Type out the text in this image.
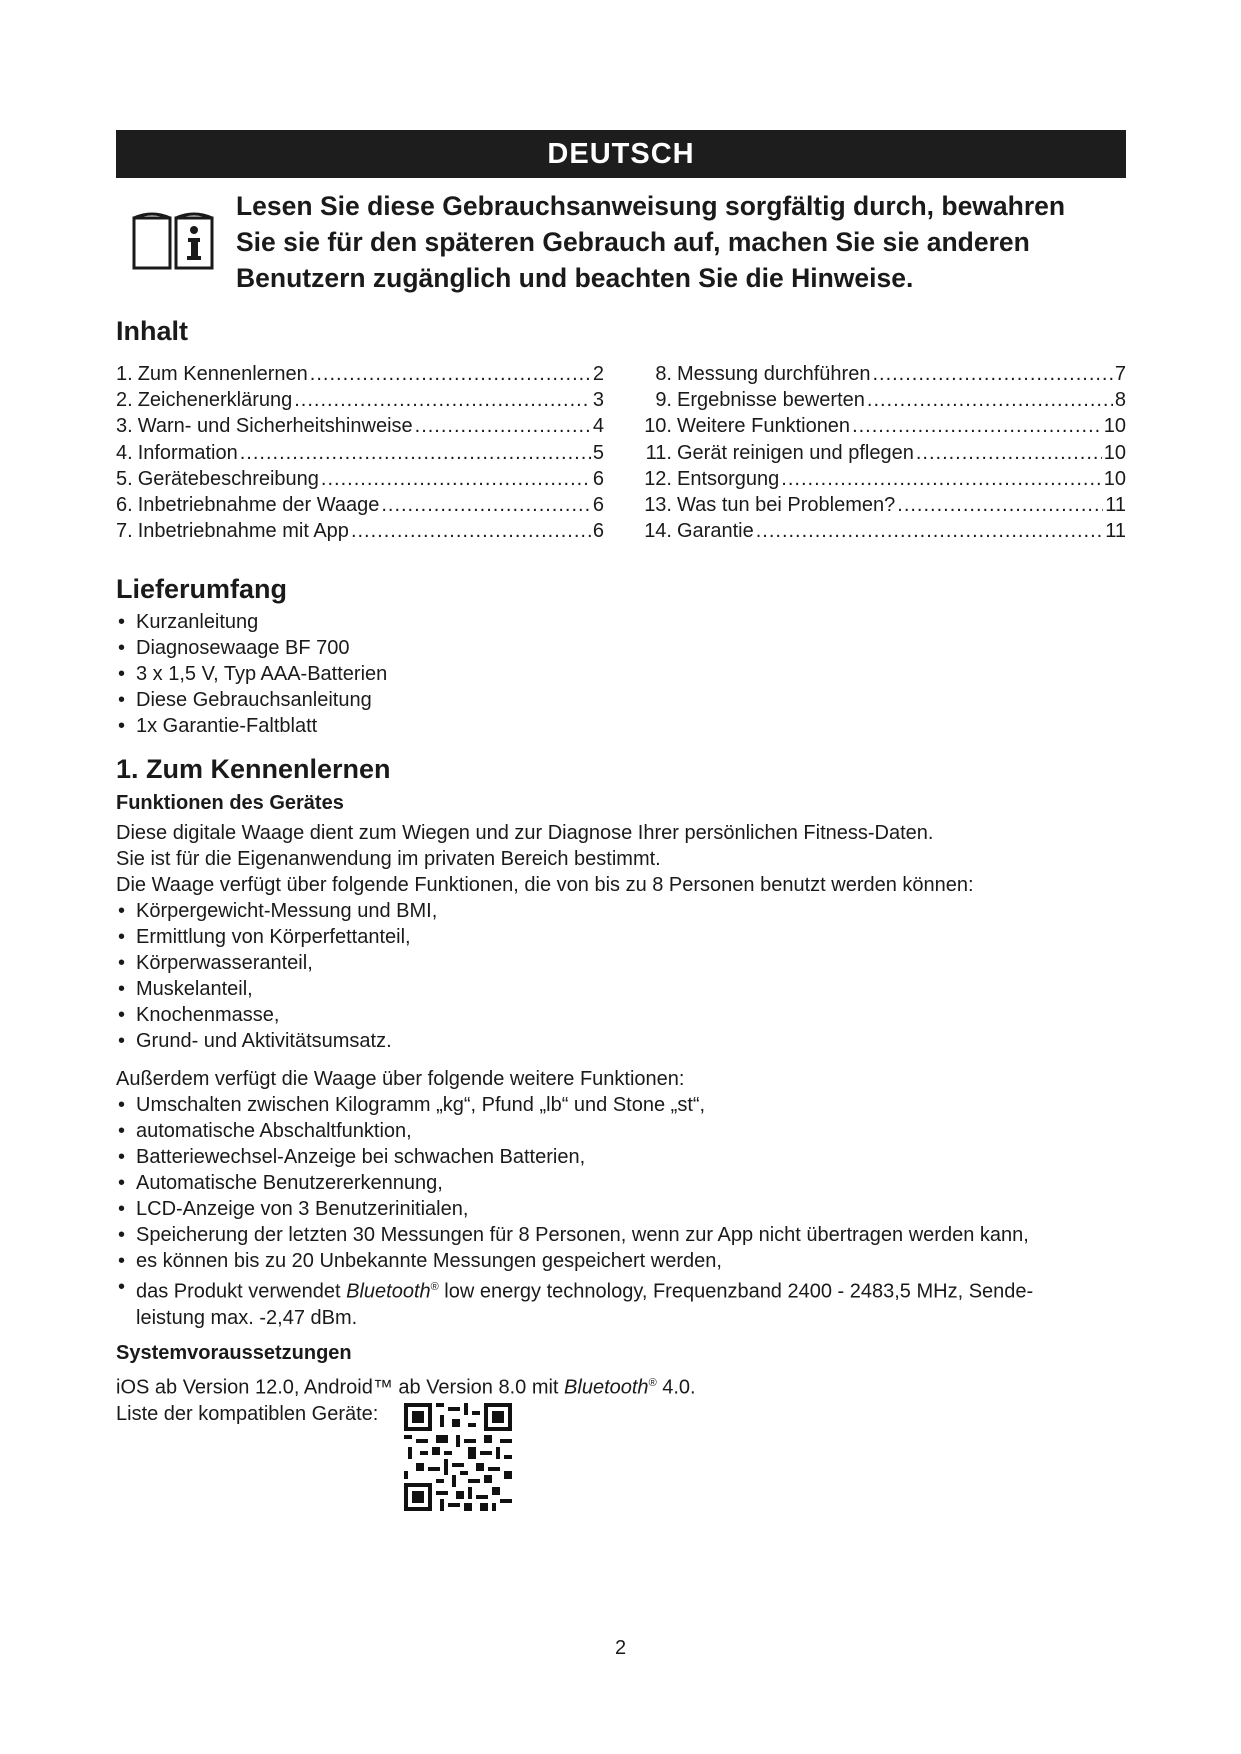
DEUTSCH
Lesen Sie diese Gebrauchsanweisung sorgfältig durch, bewahren
Sie sie für den späteren Gebrauch auf, machen Sie sie anderen
Benutzern zugänglich und beachten Sie die Hinweise.
Inhalt
1. Zum Kennenlernen .....	2
2. Zeichenerklärung .....	3
3. Warn- und Sicherheitshinweise .....	4
4. Information .....	5
5. Gerätebeschreibung .....	6
6. Inbetriebnahme der Waage .....	6
7. Inbetriebnahme mit App .....	6
8. Messung durchführen .....	7
9. Ergebnisse bewerten .....	8
10. Weitere Funktionen .....	10
11. Gerät reinigen und pflegen .....	10
12. Entsorgung .....	10
13. Was tun bei Problemen? .....	11
14. Garantie .....	11
Lieferumfang
• Kurzanleitung
• Diagnosewaage BF 700
• 3 x 1,5 V, Typ AAA-Batterien
• Diese Gebrauchsanleitung
• 1x Garantie-Faltblatt
1. Zum Kennenlernen
Funktionen des Gerätes
Diese digitale Waage dient zum Wiegen und zur Diagnose Ihrer persönlichen Fitness-Daten.
Sie ist für die Eigenanwendung im privaten Bereich bestimmt.
Die Waage verfügt über folgende Funktionen, die von bis zu 8 Personen benutzt werden können:
• Körpergewicht-Messung und BMI,
• Ermittlung von Körperfettanteil,
• Körperwasseranteil,
• Muskelanteil,
• Knochenmasse,
• Grund- und Aktivitätsumsatz.
Außerdem verfügt die Waage über folgende weitere Funktionen:
• Umschalten zwischen Kilogramm „kg“, Pfund „lb“ und Stone „st“,
• automatische Abschaltfunktion,
• Batteriewechsel-Anzeige bei schwachen Batterien,
• Automatische Benutzererkennung,
• LCD-Anzeige von 3 Benutzerinitialen,
• Speicherung der letzten 30 Messungen für 8 Personen, wenn zur App nicht übertragen werden kann,
• es können bis zu 20 Unbekannte Messungen gespeichert werden,
• das Produkt verwendet Bluetooth® low energy technology, Frequenzband 2400 - 2483,5 MHz, Sende-
leistung max. -2,47 dBm.
Systemvoraussetzungen
iOS ab Version 12.0, Android™ ab Version 8.0 mit Bluetooth® 4.0.
Liste der kompatiblen Geräte:
2
